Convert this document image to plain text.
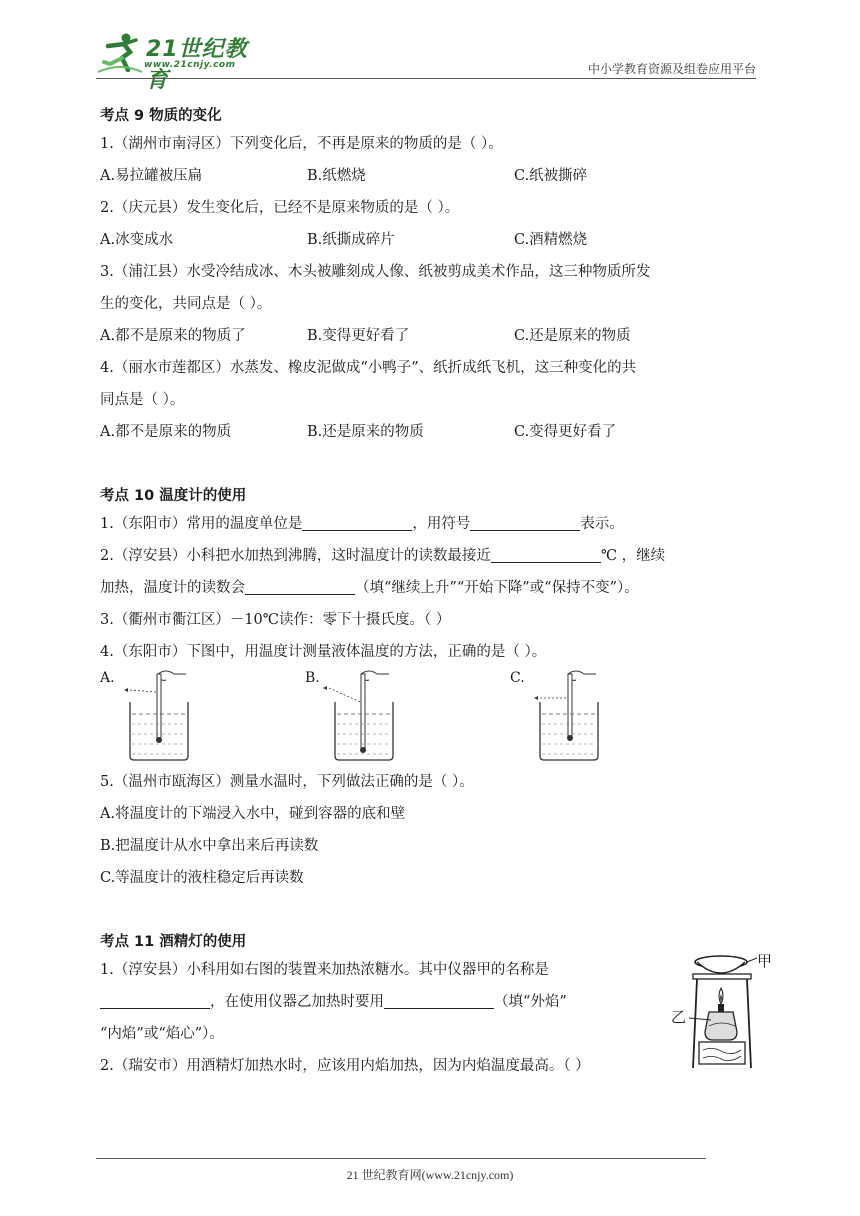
21世纪教育
www.21cnjy.com	中小学教育资源及组卷应用平台

考点 9 物质的变化

1.（湖州市南浔区）下列变化后，不再是原来的物质的是（ ）。

A.易拉罐被压扁	B.纸燃烧	C.纸被撕碎

2.（庆元县）发生变化后，已经不是原来物质的是（ ）。

A.冰变成水	B.纸撕成碎片	C.酒精燃烧

3.（浦江县）水受冷结成冰、木头被雕刻成人像、纸被剪成美术作品，这三种物质所发

生的变化，共同点是（ ）。

A.都不是原来的物质了	B.变得更好看了	C.还是原来的物质

4.（丽水市莲都区）水蒸发、橡皮泥做成“小鸭子”、纸折成纸飞机，这三种变化的共

同点是（ ）。

A.都不是原来的物质	B.还是原来的物质	C.变得更好看了

考点 10 温度计的使用

1.（东阳市）常用的温度单位是	，用符号	表示。

2.（淳安县）小科把水加热到沸腾，这时温度计的读数最接近	℃ ，继续

加热，温度计的读数会	（填“继续上升”“开始下降”或“保持不变”）。

3.（衢州市衢江区）－10℃读作：零下十摄氏度。（ ）

4.（东阳市）下图中，用温度计测量液体温度的方法，正确的是（ ）。

A.	B.	C.

5.（温州市瓯海区）测量水温时，下列做法正确的是（ ）。

A.将温度计的下端浸入水中，碰到容器的底和壁

B.把温度计从水中拿出来后再读数

C.等温度计的液柱稳定后再读数

考点 11 酒精灯的使用

1.（淳安县）小科用如右图的装置来加热浓糖水。其中仪器甲的名称是

，在使用仪器乙加热时要用	（填“外焰”

“内焰”或“焰心”）。

2.（瑞安市）用酒精灯加热水时，应该用内焰加热，因为内焰温度最高。（ ）

甲
乙
21 世纪教育网(www.21cnjy.com)
